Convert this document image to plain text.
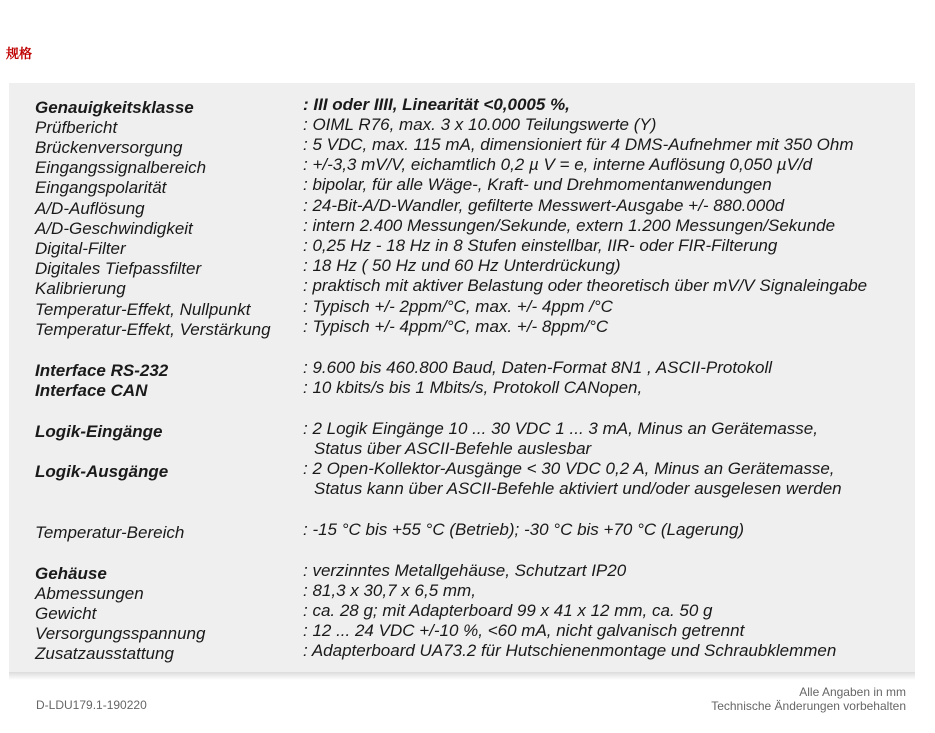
规格
Genauigkeitsklasse	: III oder IIII, Linearität <0,0005 %,
Prüfbericht	: OIML R76, max. 3 x 10.000 Teilungswerte (Y)
Brückenversorgung	: 5 VDC, max. 115 mA, dimensioniert für 4 DMS-Aufnehmer mit 350 Ohm
Eingangssignalbereich	: +/-3,3 mV/V, eichamtlich 0,2 µ V = e, interne Auflösung 0,050 µV/d
Eingangspolarität	: bipolar, für alle Wäge-, Kraft- und Drehmomentanwendungen
A/D-Auflösung	: 24-Bit-A/D-Wandler, gefilterte Messwert-Ausgabe +/- 880.000d
A/D-Geschwindigkeit	: intern 2.400 Messungen/Sekunde, extern 1.200 Messungen/Sekunde
Digital-Filter	: 0,25 Hz - 18 Hz in 8 Stufen einstellbar, IIR- oder FIR-Filterung
Digitales Tiefpassfilter	: 18 Hz ( 50 Hz und 60 Hz Unterdrückung)
Kalibrierung	: praktisch mit aktiver Belastung oder theoretisch über mV/V Signaleingabe
Temperatur-Effekt, Nullpunkt	: Typisch +/- 2ppm/°C, max. +/- 4ppm /°C
Temperatur-Effekt, Verstärkung : Typisch +/- 4ppm/°C, max. +/- 8ppm/°C
Interface RS-232	: 9.600 bis 460.800 Baud, Daten-Format 8N1 , ASCII-Protokoll
Interface CAN	: 10 kbits/s bis 1 Mbits/s, Protokoll CANopen,
Logik-Eingänge	: 2 Logik Eingänge 10 ... 30 VDC 1 ... 3 mA, Minus an Gerätemasse,
Status über ASCII-Befehle auslesbar
Logik-Ausgänge	: 2 Open-Kollektor-Ausgänge < 30 VDC 0,2 A, Minus an Gerätemasse,
Status kann über ASCII-Befehle aktiviert und/oder ausgelesen werden
Temperatur-Bereich	: -15 °C bis +55 °C (Betrieb); -30 °C bis +70 °C (Lagerung)
Gehäuse	: verzinntes Metallgehäuse, Schutzart IP20
Abmessungen	: 81,3 x 30,7 x 6,5 mm,
Gewicht	: ca. 28 g; mit Adapterboard 99 x 41 x 12 mm, ca. 50 g
Versorgungsspannung	: 12 ... 24 VDC +/-10 %, <60 mA, nicht galvanisch getrennt
Zusatzausstattung	: Adapterboard UA73.2 für Hutschienenmontage und Schraubklemmen
D-LDU179.1-190220
Alle Angaben in mm
Technische Änderungen vorbehalten
